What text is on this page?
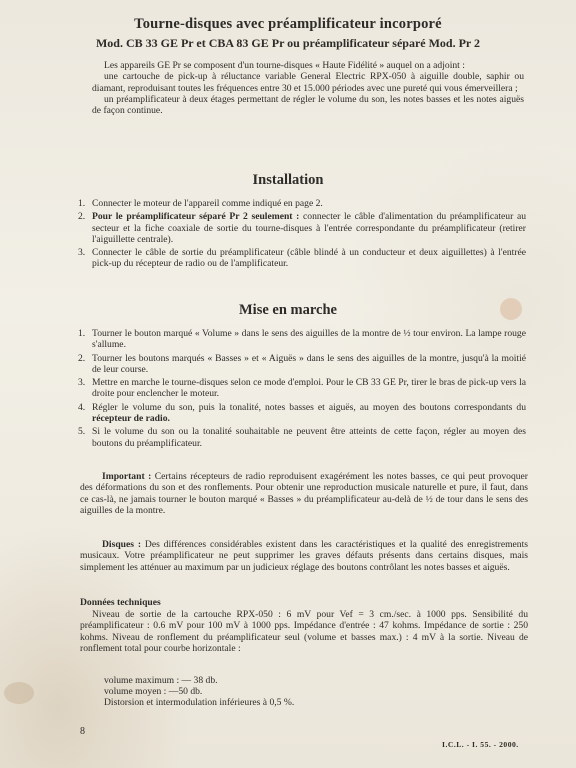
Tourne-disques avec préamplificateur incorporé
Mod. CB 33 GE Pr et CBA 83 GE Pr ou préamplificateur séparé Mod. Pr 2

Les appareils GE Pr se composent d'un tourne-disques « Haute Fidélité » auquel on a adjoint :

une cartouche de pick-up à réluctance variable General Electric RPX-050 à aiguille double, saphir ou diamant, reproduisant toutes les fréquences entre 30 et 15.000 périodes avec une pureté qui vous émerveillera ;

un préamplificateur à deux étages permettant de régler le volume du son, les notes basses et les notes aiguës de façon continue.

Installation
1. Connecter le moteur de l'appareil comme indiqué en page 2.
2. Pour le préamplificateur séparé Pr 2 seulement : connecter le câble d'alimentation du préamplificateur au secteur et la fiche coaxiale de sortie du tourne-disques à l'entrée correspondante du préamplificateur (retirer l'aiguillette centrale).
3. Connecter le câble de sortie du préamplificateur (câble blindé à un conducteur et deux aiguillettes) à l'entrée pick-up du récepteur de radio ou de l'amplificateur.
Mise en marche
1. Tourner le bouton marqué « Volume » dans le sens des aiguilles de la montre de ½ tour environ. La lampe rouge s'allume.
2. Tourner les boutons marqués « Basses » et « Aiguës » dans le sens des aiguilles de la montre, jusqu'à la moitié de leur course.
3. Mettre en marche le tourne-disques selon ce mode d'emploi. Pour le CB 33 GE Pr, tirer le bras de pick-up vers la droite pour enclencher le moteur.
4. Régler le volume du son, puis la tonalité, notes basses et aiguës, au moyen des boutons correspondants du récepteur de radio.
5. Si le volume du son ou la tonalité souhaitable ne peuvent être atteints de cette façon, régler au moyen des boutons du préamplificateur.
Important : Certains récepteurs de radio reproduisent exagérément les notes basses, ce qui peut provoquer des déformations du son et des ronflements. Pour obtenir une reproduction musicale naturelle et pure, il faut, dans ce cas-là, ne jamais tourner le bouton marqué « Basses » du préamplificateur au-delà de ½ de tour dans le sens des aiguilles de la montre.
Disques : Des différences considérables existent dans les caractéristiques et la qualité des enregistrements musicaux. Votre préamplificateur ne peut supprimer les graves défauts présents dans certains disques, mais simplement les atténuer au maximum par un judicieux réglage des boutons contrôlant les notes basses et aiguës.
Données techniques
Niveau de sortie de la cartouche RPX-050 : 6 mV pour Vef = 3 cm./sec. à 1000 pps. Sensibilité du préamplificateur : 0.6 mV pour 100 mV à 1000 pps. Impédance d'entrée : 47 kohms. Impédance de sortie : 250 kohms. Niveau de ronflement du préamplificateur seul (volume et basses max.) : 4 mV à la sortie. Niveau de ronflement total pour courbe horizontale :
volume maximum : — 38 db.
volume moyen : —50 db.
Distorsion et intermodulation inférieures à 0,5 %.
8
I.C.L. - I. 55. - 2000.
